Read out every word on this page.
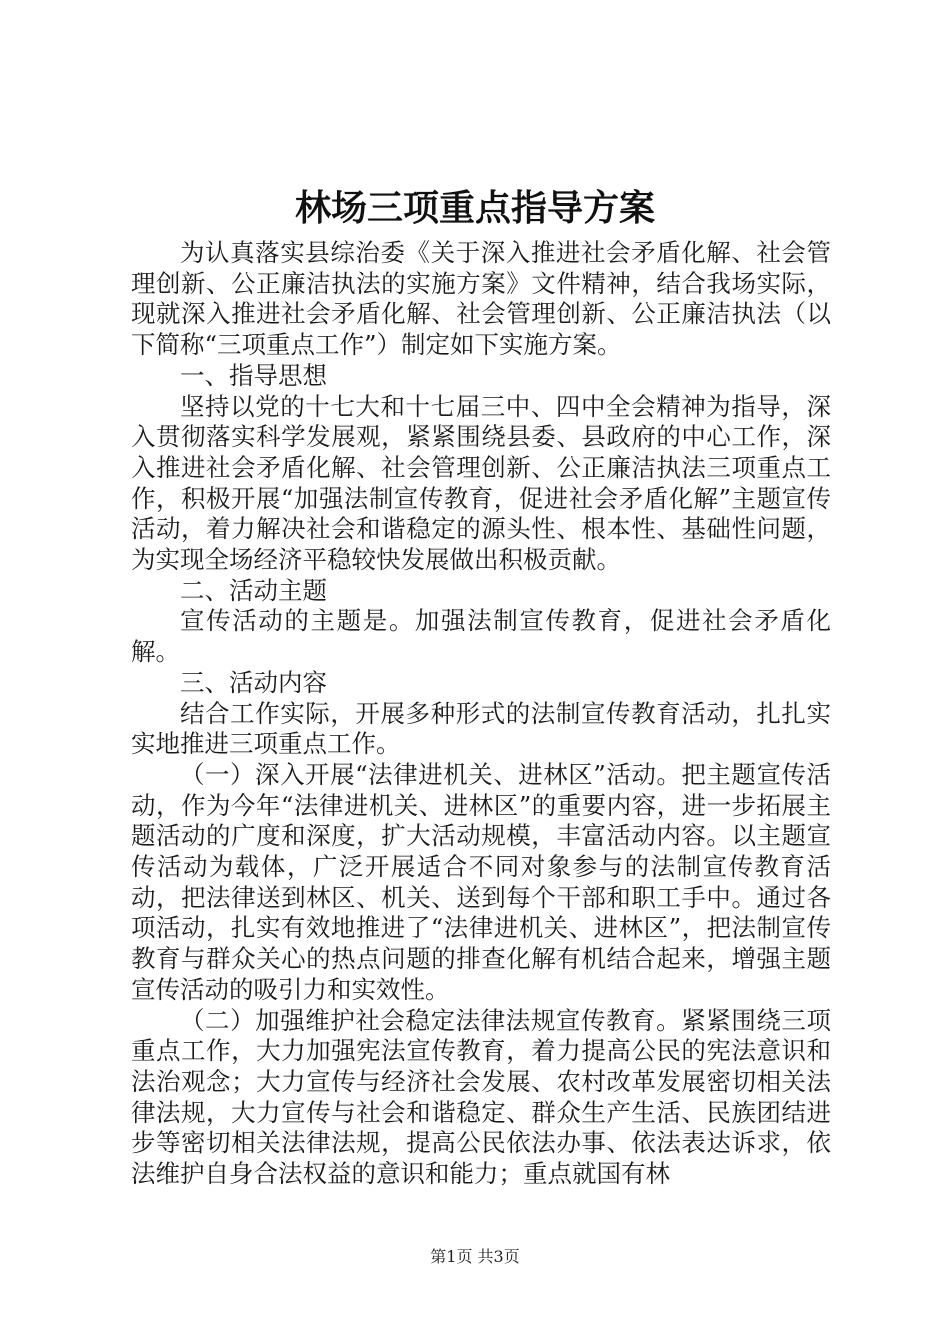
林场三项重点指导方案

为认真落实县综治委《关于深入推进社会矛盾化解、社会管理创新、公正廉洁执法的实施方案》文件精神，结合我场实际，现就深入推进社会矛盾化解、社会管理创新、公正廉洁执法（以下简称“三项重点工作”）制定如下实施方案。

一、指导思想

坚持以党的十七大和十七届三中、四中全会精神为指导，深入贯彻落实科学发展观，紧紧围绕县委、县政府的中心工作，深入推进社会矛盾化解、社会管理创新、公正廉洁执法三项重点工作，积极开展“加强法制宣传教育，促进社会矛盾化解”主题宣传活动，着力解决社会和谐稳定的源头性、根本性、基础性问题，为实现全场经济平稳较快发展做出积极贡献。

二、活动主题

宣传活动的主题是。加强法制宣传教育，促进社会矛盾化解。

三、活动内容

结合工作实际，开展多种形式的法制宣传教育活动，扎扎实实地推进三项重点工作。

（一）深入开展“法律进机关、进林区”活动。把主题宣传活动，作为今年“法律进机关、进林区”的重要内容，进一步拓展主题活动的广度和深度，扩大活动规模，丰富活动内容。以主题宣传活动为载体，广泛开展适合不同对象参与的法制宣传教育活动，把法律送到林区、机关、送到每个干部和职工手中。通过各项活动，扎实有效地推进了“法律进机关、进林区”，把法制宣传教育与群众关心的热点问题的排查化解有机结合起来，增强主题宣传活动的吸引力和实效性。

（二）加强维护社会稳定法律法规宣传教育。紧紧围绕三项重点工作，大力加强宪法宣传教育，着力提高公民的宪法意识和法治观念；大力宣传与经济社会发展、农村改革发展密切相关法律法规，大力宣传与社会和谐稳定、群众生产生活、民族团结进步等密切相关法律法规，提高公民依法办事、依法表达诉求，依法维护自身合法权益的意识和能力；重点就国有林

第1页 共3页
